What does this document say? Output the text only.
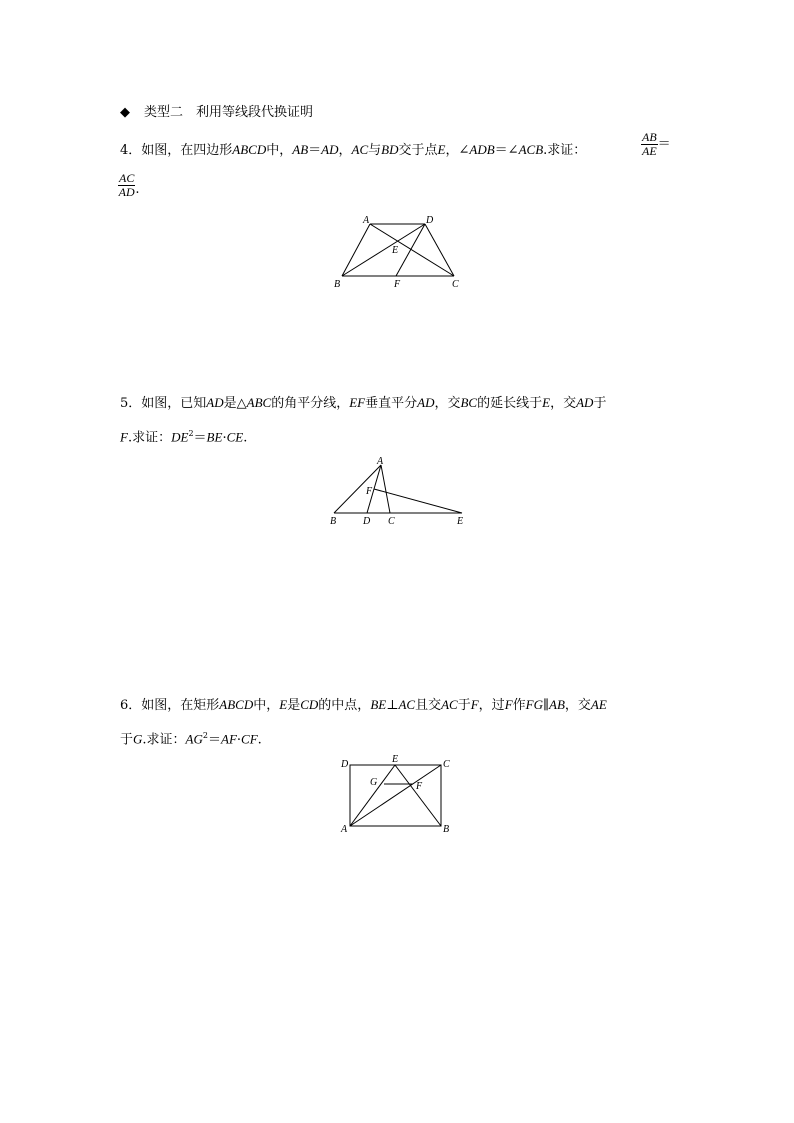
◆ 类型二　利用等线段代换证明
4．如图，在四边形ABCD中，AB＝AD，AC与BD交于点E，∠ADB＝∠ACB.求证：	$\frac{AB}{AE}$ ＝
$\frac{AC}{AD}$ .
A	D
E
B	F	C
5．如图，已知AD是△ABC的角平分线，EF垂直平分AD，交BC的延长线于E，交AD于
F.求证：$DE^2=BE\cdot CE$.
A
F
B	D C	E
6．如图，在矩形ABCD中，E是CD的中点，BE⊥AC且交AC于F，过F作FG∥AB，交AE
于G.求证：$AG^2=AF\cdot CF$.
D	E	C
G	F
A	B
